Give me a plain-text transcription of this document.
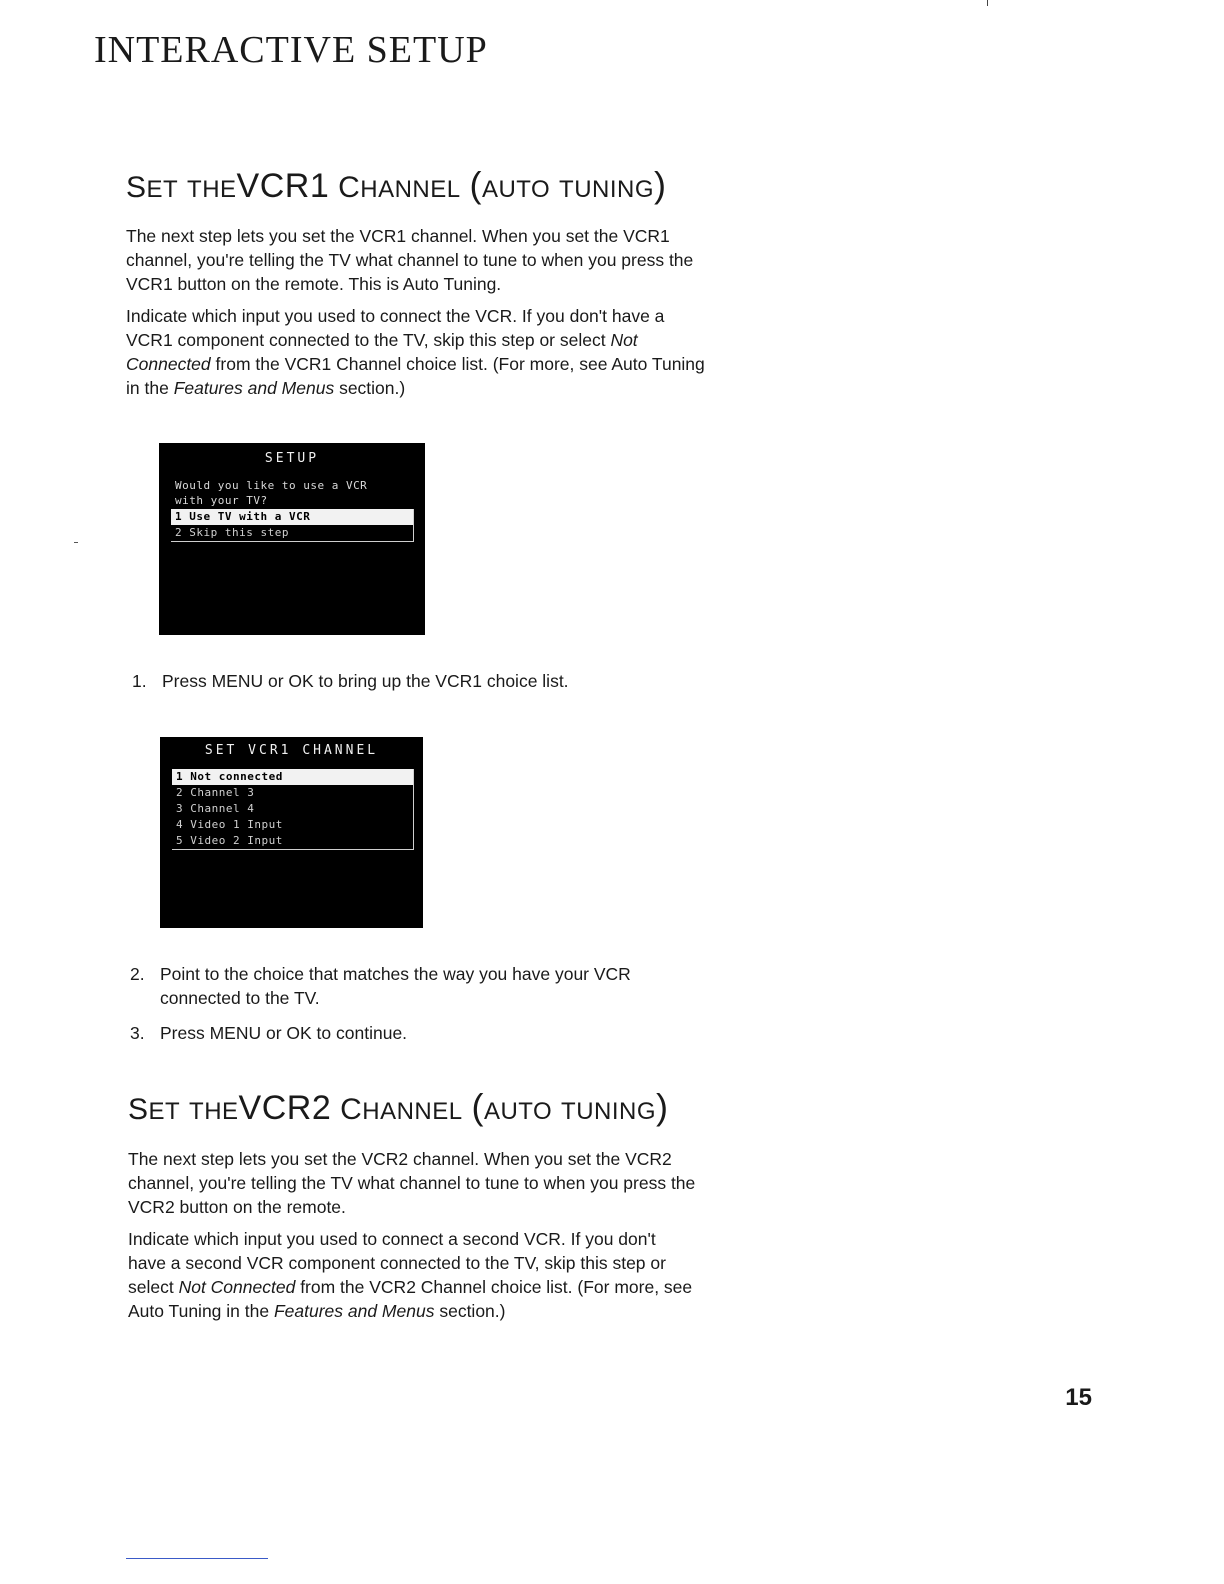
INTERACTIVE SETUP
SET THEVCR1 CHANNEL (AUTO TUNING)

The next step lets you set the VCR1 channel. When you set the VCR1 channel, you're telling the TV what channel to tune to when you press the VCR1 button on the remote. This is Auto Tuning.

Indicate which input you used to connect the VCR. If you don't have a VCR1 component connected to the TV, skip this step or select Not Connected from the VCR1 Channel choice list. (For more, see Auto Tuning in the Features and Menus section.)

SETUP
Would you like to use a VCR
with your TV?
1 Use TV with a VCR
2 Skip this step
1. Press MENU or OK to bring up the VCR1 choice list.
SET VCR1 CHANNEL
1 Not connected
2 Channel 3
3 Channel 4
4 Video 1 Input
5 Video 2 Input
2. Point to the choice that matches the way you have your VCR connected to the TV.
3. Press MENU or OK to continue.
SET THEVCR2 CHANNEL (AUTO TUNING)

The next step lets you set the VCR2 channel. When you set the VCR2 channel, you're telling the TV what channel to tune to when you press the VCR2 button on the remote.

Indicate which input you used to connect a second VCR. If you don't have a second VCR component connected to the TV, skip this step or select Not Connected from the VCR2 Channel choice list. (For more, see Auto Tuning in the Features and Menus section.)

15
